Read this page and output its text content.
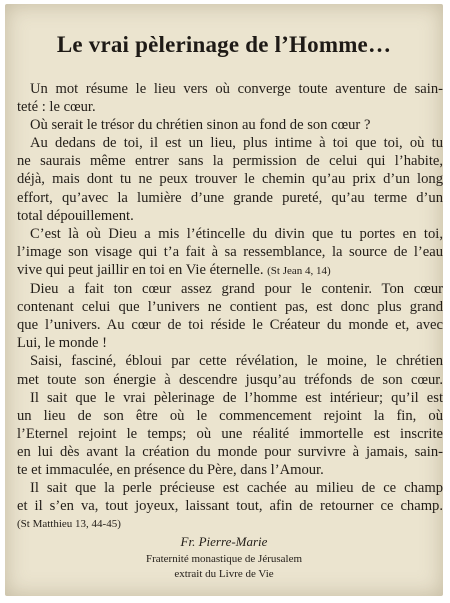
Le vrai pèlerinage de l’Homme…
Un mot résume le lieu vers où converge toute aventure de sain-
teté : le cœur.
Où serait le trésor du chrétien sinon au fond de son cœur ?
Au dedans de toi, il est un lieu, plus intime à toi que toi, où tu
ne saurais même entrer sans la permission de celui qui l’habite,
déjà, mais dont tu ne peux trouver le chemin qu’au prix d’un long
effort, qu’avec la lumière d’une grande pureté, qu’au terme d’un
total dépouillement.
C’est là où Dieu a mis l’étincelle du divin que tu portes en toi,
l’image son visage qui t’a fait à sa ressemblance, la source de l’eau
vive qui peut jaillir en toi en Vie éternelle. (St Jean 4, 14)
Dieu a fait ton cœur assez grand pour le contenir. Ton cœur
contenant celui que l’univers ne contient pas, est donc plus grand
que l’univers. Au cœur de toi réside le Créateur du monde et, avec
Lui, le monde !
Saisi, fasciné, ébloui par cette révélation, le moine, le chrétien
met toute son énergie à descendre jusqu’au tréfonds de son cœur.
Il sait que le vrai pèlerinage de l’homme est intérieur; qu’il est
un lieu de son être où le commencement rejoint la fin, où
l’Eternel rejoint le temps; où une réalité immortelle est inscrite
en lui dès avant la création du monde pour survivre à jamais, sain-
te et immaculée, en présence du Père, dans l’Amour.
Il sait que la perle précieuse est cachée au milieu de ce champ
et il s’en va, tout joyeux, laissant tout, afin de retourner ce champ.
(St Matthieu 13, 44-45)
Fr. Pierre-Marie
Fraternité monastique de Jérusalem
extrait du Livre de Vie
